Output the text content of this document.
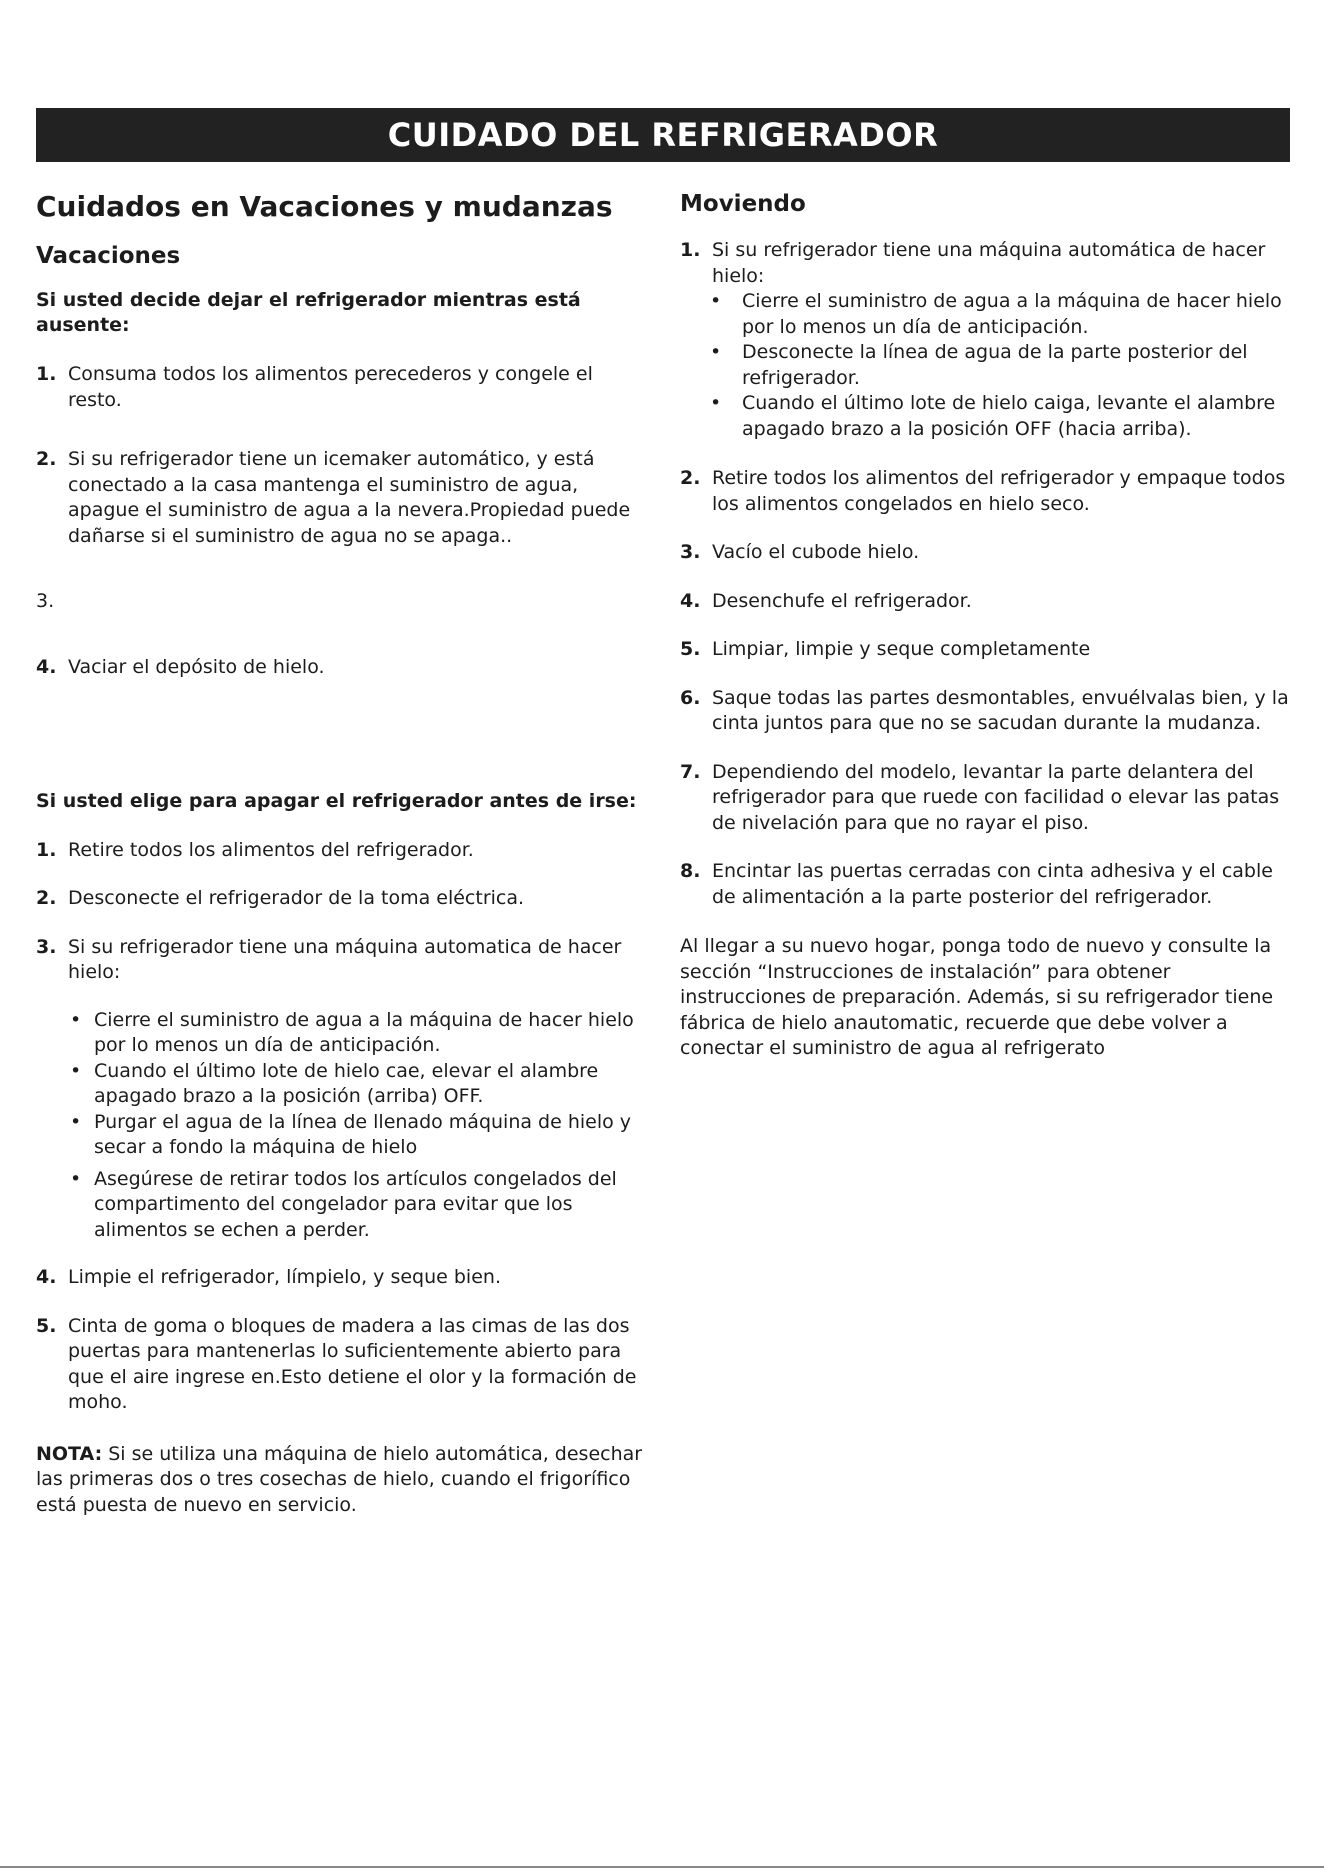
CUIDADO DEL REFRIGERADOR
Cuidados en Vacaciones y mudanzas
Vacaciones
Si usted decide dejar el refrigerador mientras está ausente:
1. Consuma todos los alimentos perecederos y congele el resto.
2. Si su refrigerador tiene un icemaker automático, y está conectado a la casa mantenga el suministro de agua, apague el suministro de agua a la nevera.Propiedad puede dañarse si el suministro de agua no se apaga..
3.
4. Vaciar el depósito de hielo.
Si usted elige para apagar el refrigerador antes de irse:
1. Retire todos los alimentos del refrigerador.
2. Desconecte el refrigerador de la toma eléctrica.
3. Si su refrigerador tiene una máquina automatica de hacer hielo:
• Cierre el suministro de agua a la máquina de hacer hielo por lo menos un día de anticipación.
• Cuando el último lote de hielo cae, elevar el alambre apagado brazo a la posición (arriba) OFF.
• Purgar el agua de la línea de llenado máquina de hielo y secar a fondo la máquina de hielo
• Asegúrese de retirar todos los artículos congelados del compartimento del congelador para evitar que los alimentos se echen a perder.
4. Limpie el refrigerador, límpielo, y seque bien.
5. Cinta de goma o bloques de madera a las cimas de las dos puertas para mantenerlas lo suficientemente abierto para que el aire ingrese en.Esto detiene el olor y la formación de moho.
NOTA: Si se utiliza una máquina de hielo automática, desechar las primeras dos o tres cosechas de hielo, cuando el frigorífico está puesta de nuevo en servicio.
Moviendo
1. Si su refrigerador tiene una máquina automática de hacer hielo:
•	Cierre el suministro de agua a la máquina de hacer hielo por lo menos un día de anticipación.
•	Desconecte la línea de agua de la parte posterior del refrigerador.
•	Cuando el último lote de hielo caiga, levante el alambre apagado brazo a la posición OFF (hacia arriba).
2. Retire todos los alimentos del refrigerador y empaque todos los alimentos congelados en hielo seco.
3. Vacío el cubode hielo.
4. Desenchufe el refrigerador.
5. Limpiar, limpie y seque completamente
6. Saque todas las partes desmontables, envuélvalas bien, y la cinta juntos para que no se sacudan durante la mudanza.
7. Dependiendo del modelo, levantar la parte delantera del refrigerador para que ruede con facilidad o elevar las patas de nivelación para que no rayar el piso.
8. Encintar las puertas cerradas con cinta adhesiva y el cable de alimentación a la parte posterior del refrigerador.
Al llegar a su nuevo hogar, ponga todo de nuevo y consulte la sección “Instrucciones de instalación” para obtener instrucciones de preparación. Además, si su refrigerador tiene fábrica de hielo anautomatic, recuerde que debe volver a conectar el suministro de agua al refrigerato
